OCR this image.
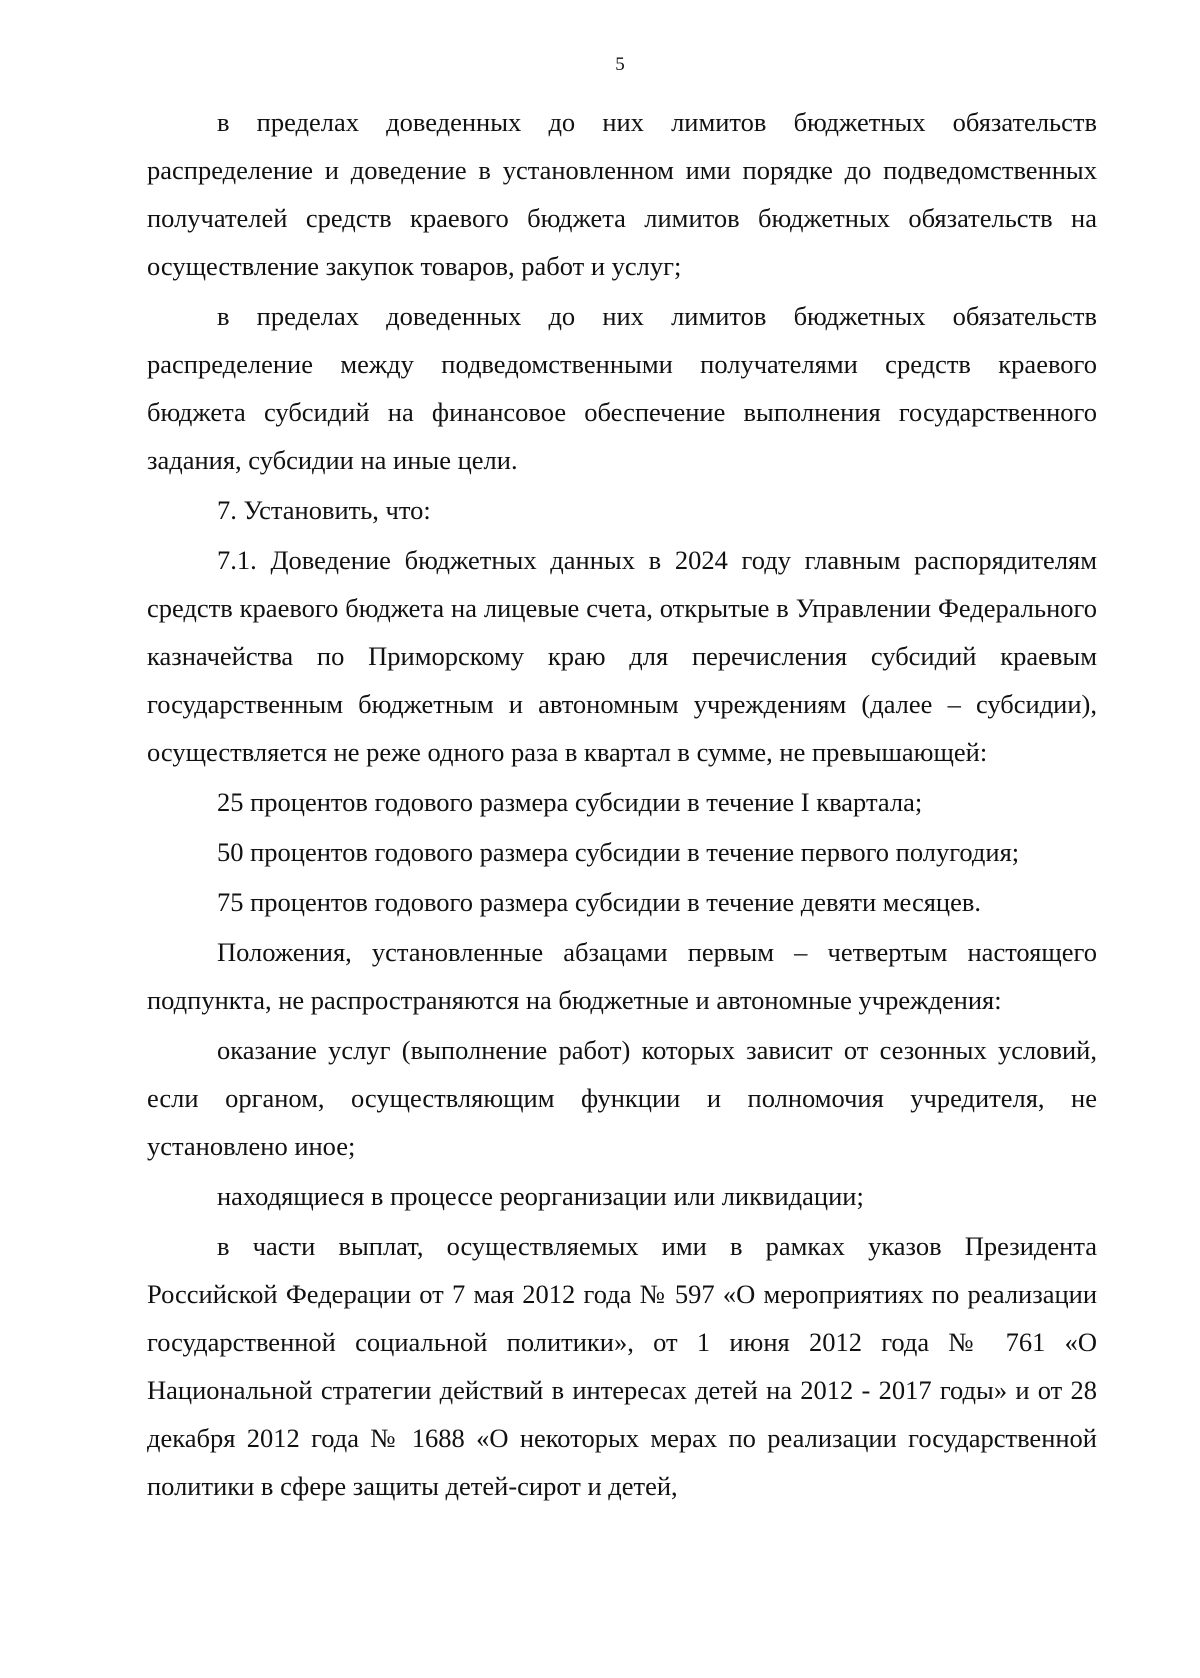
5

в пределах доведенных до них лимитов бюджетных обязательств распределение и доведение в установленном ими порядке до подведомственных получателей средств краевого бюджета лимитов бюджетных обязательств на осуществление закупок товаров, работ и услуг;

в пределах доведенных до них лимитов бюджетных обязательств распределение между подведомственными получателями средств краевого бюджета субсидий на финансовое обеспечение выполнения государственного задания, субсидии на иные цели.

7. Установить, что:

7.1. Доведение бюджетных данных в 2024 году главным распорядителям средств краевого бюджета на лицевые счета, открытые в Управлении Федерального казначейства по Приморскому краю для перечисления субсидий краевым государственным бюджетным и автономным учреждениям (далее – субсидии), осуществляется не реже одного раза в квартал в сумме, не превышающей:

25 процентов годового размера субсидии в течение I квартала;

50 процентов годового размера субсидии в течение первого полугодия;

75 процентов годового размера субсидии в течение девяти месяцев.

Положения, установленные абзацами первым – четвертым настоящего подпункта, не распространяются на бюджетные и автономные учреждения:

оказание услуг (выполнение работ) которых зависит от сезонных условий, если органом, осуществляющим функции и полномочия учредителя, не установлено иное;

находящиеся в процессе реорганизации или ликвидации;

в части выплат, осуществляемых ими в рамках указов Президента Российской Федерации от 7 мая 2012 года № 597 «О мероприятиях по реализации государственной социальной политики», от 1 июня 2012 года № 761 «О Национальной стратегии действий в интересах детей на 2012 - 2017 годы» и от 28 декабря 2012 года № 1688 «О некоторых мерах по реализации государственной политики в сфере защиты детей-сирот и детей,
